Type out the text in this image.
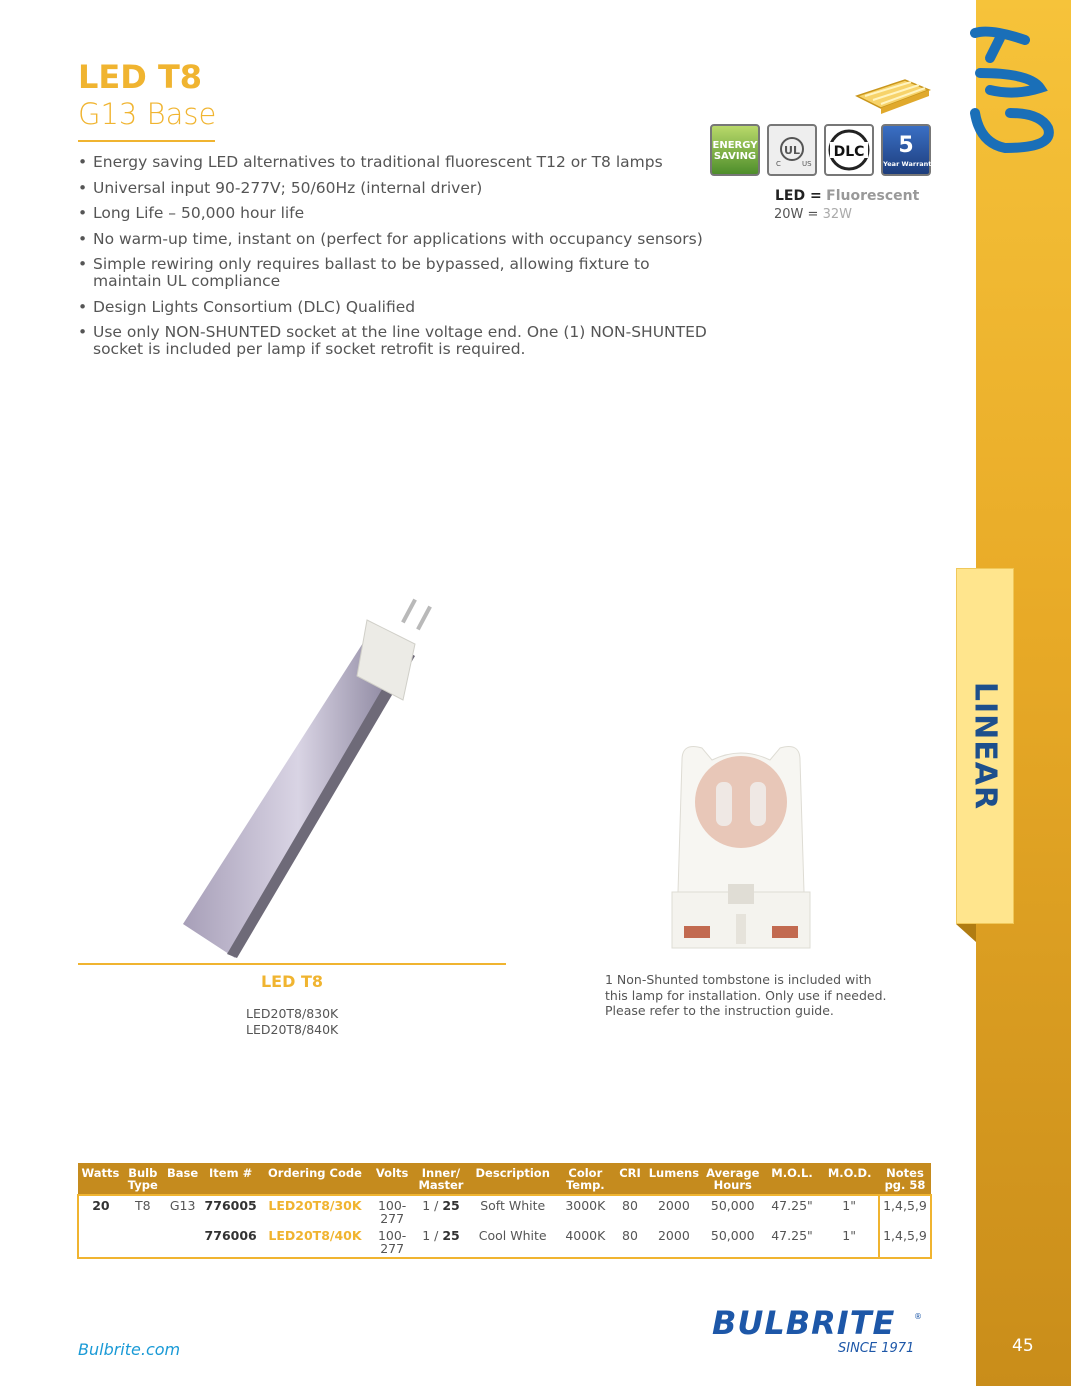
LINEAR
45
LED T8
G13 Base
• Energy saving LED alternatives to traditional fluorescent T12 or T8 lamps
• Universal input 90-277V; 50/60Hz (internal driver)
• Long Life – 50,000 hour life
• No warm-up time, instant on (perfect for applications with occupancy sensors)
• Simple rewiring only requires ballast to be bypassed, allowing fixture to maintain UL compliance
• Design Lights Consortium (DLC) Qualified
• Use only NON-SHUNTED socket at the line voltage end. One (1) NON-SHUNTED socket is included per lamp if socket retrofit is required.
ENERGY SAVING	UL
C	US
DLC 5
5 Year Warranty
LED = Fluorescent
20W = 32W
LED T8
LED20T8/830K
LED20T8/840K
1 Non-Shunted tombstone is included with this lamp for installation. Only use if needed. Please refer to the instruction guide.
Watts	Bulb Type	Base	Item #	Ordering Code	Volts	Inner/ Master	Description	Color Temp.	CRI	Lumens	Average Hours	M.O.L.	M.O.D.	Notes pg. 58
20	T8	G13	776005	LED20T8/30K	100-277	1 / 25	Soft White	3000K	80	2000	50,000	47.25"	1"	1,4,5,9
			776006	LED20T8/40K	100-277	1 / 25	Cool White	4000K	80	2000	50,000	47.25"	1"	1,4,5,9
Bulbrite.com
BULBRITE ®
SINCE 1971
